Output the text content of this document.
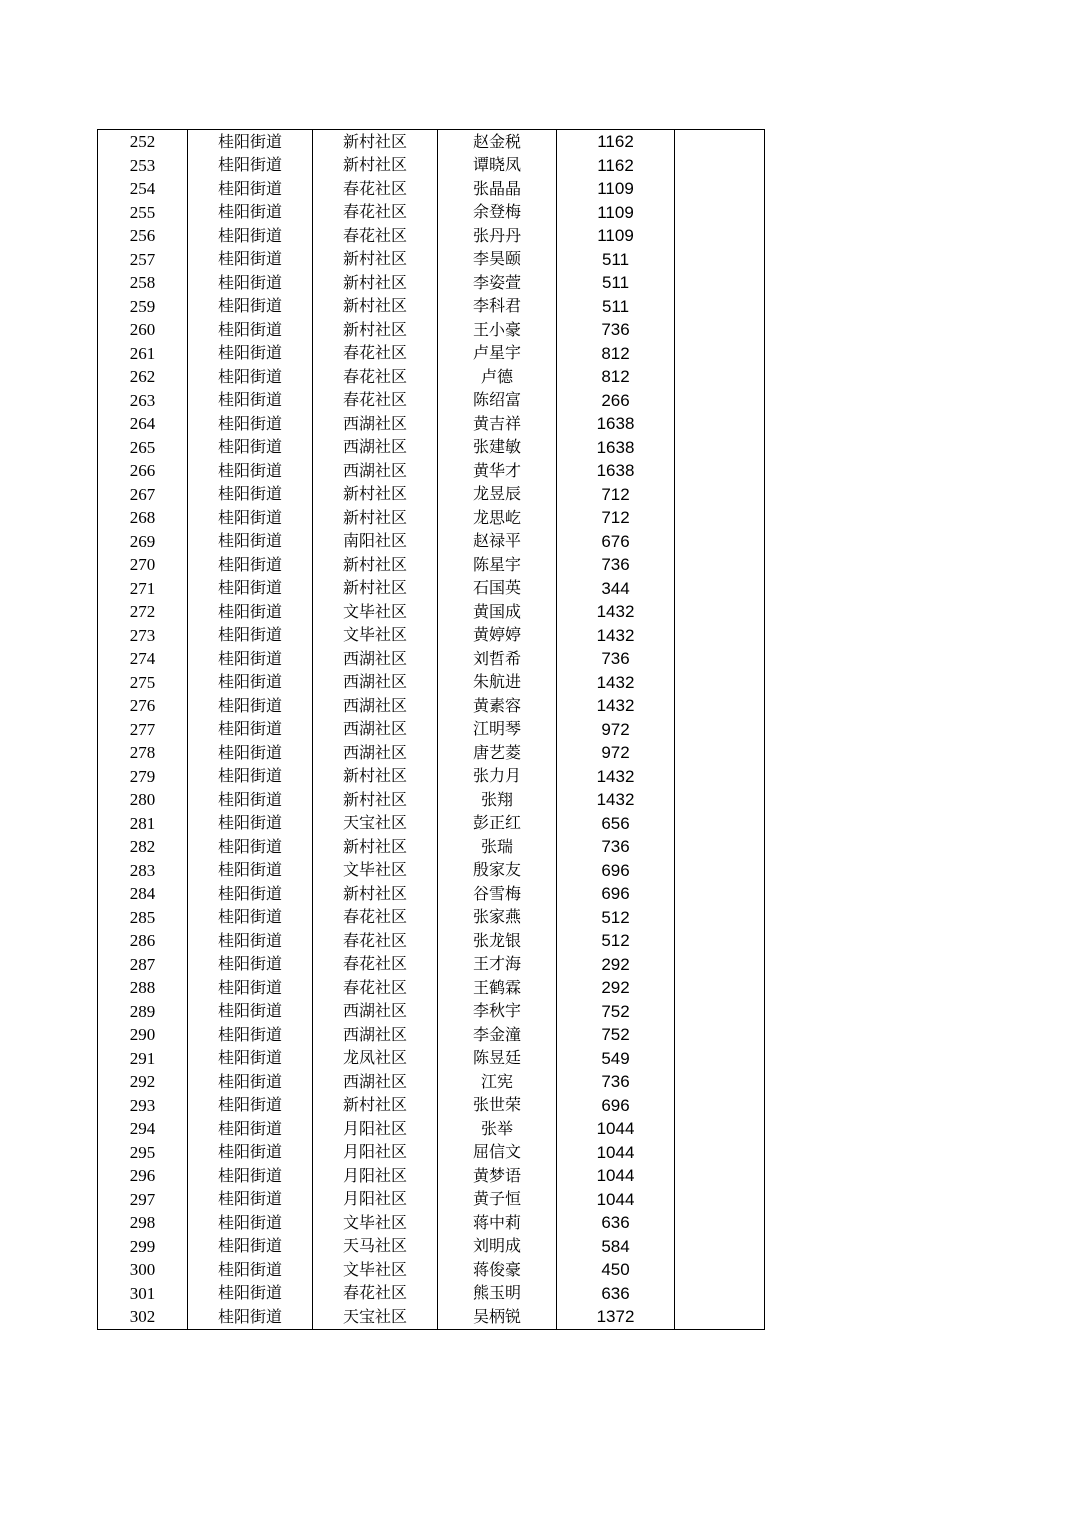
252	桂阳街道	新村社区	赵金税	1162	
253	桂阳街道	新村社区	谭晓凤	1162	
254	桂阳街道	春花社区	张晶晶	1109	
255	桂阳街道	春花社区	余登梅	1109	
256	桂阳街道	春花社区	张丹丹	1109	
257	桂阳街道	新村社区	李昊颐	511	
258	桂阳街道	新村社区	李姿萱	511	
259	桂阳街道	新村社区	李科君	511	
260	桂阳街道	新村社区	王小豪	736	
261	桂阳街道	春花社区	卢星宇	812	
262	桂阳街道	春花社区	卢德	812	
263	桂阳街道	春花社区	陈绍富	266	
264	桂阳街道	西湖社区	黄吉祥	1638	
265	桂阳街道	西湖社区	张建敏	1638	
266	桂阳街道	西湖社区	黄华才	1638	
267	桂阳街道	新村社区	龙昱辰	712	
268	桂阳街道	新村社区	龙思屹	712	
269	桂阳街道	南阳社区	赵禄平	676	
270	桂阳街道	新村社区	陈星宇	736	
271	桂阳街道	新村社区	石国英	344	
272	桂阳街道	文毕社区	黄国成	1432	
273	桂阳街道	文毕社区	黄婷婷	1432	
274	桂阳街道	西湖社区	刘哲希	736	
275	桂阳街道	西湖社区	朱航进	1432	
276	桂阳街道	西湖社区	黄素容	1432	
277	桂阳街道	西湖社区	江明琴	972	
278	桂阳街道	西湖社区	唐艺菱	972	
279	桂阳街道	新村社区	张力月	1432	
280	桂阳街道	新村社区	张翔	1432	
281	桂阳街道	天宝社区	彭正红	656	
282	桂阳街道	新村社区	张瑞	736	
283	桂阳街道	文毕社区	殷家友	696	
284	桂阳街道	新村社区	谷雪梅	696	
285	桂阳街道	春花社区	张家燕	512	
286	桂阳街道	春花社区	张龙银	512	
287	桂阳街道	春花社区	王才海	292	
288	桂阳街道	春花社区	王鹤霖	292	
289	桂阳街道	西湖社区	李秋宇	752	
290	桂阳街道	西湖社区	李金潼	752	
291	桂阳街道	龙凤社区	陈昱廷	549	
292	桂阳街道	西湖社区	江宪	736	
293	桂阳街道	新村社区	张世荣	696	
294	桂阳街道	月阳社区	张举	1044	
295	桂阳街道	月阳社区	屈信文	1044	
296	桂阳街道	月阳社区	黄梦语	1044	
297	桂阳街道	月阳社区	黄子恒	1044	
298	桂阳街道	文毕社区	蒋中莉	636	
299	桂阳街道	天马社区	刘明成	584	
300	桂阳街道	文毕社区	蒋俊豪	450	
301	桂阳街道	春花社区	熊玉明	636	
302	桂阳街道	天宝社区	吴柄锐	1372	
